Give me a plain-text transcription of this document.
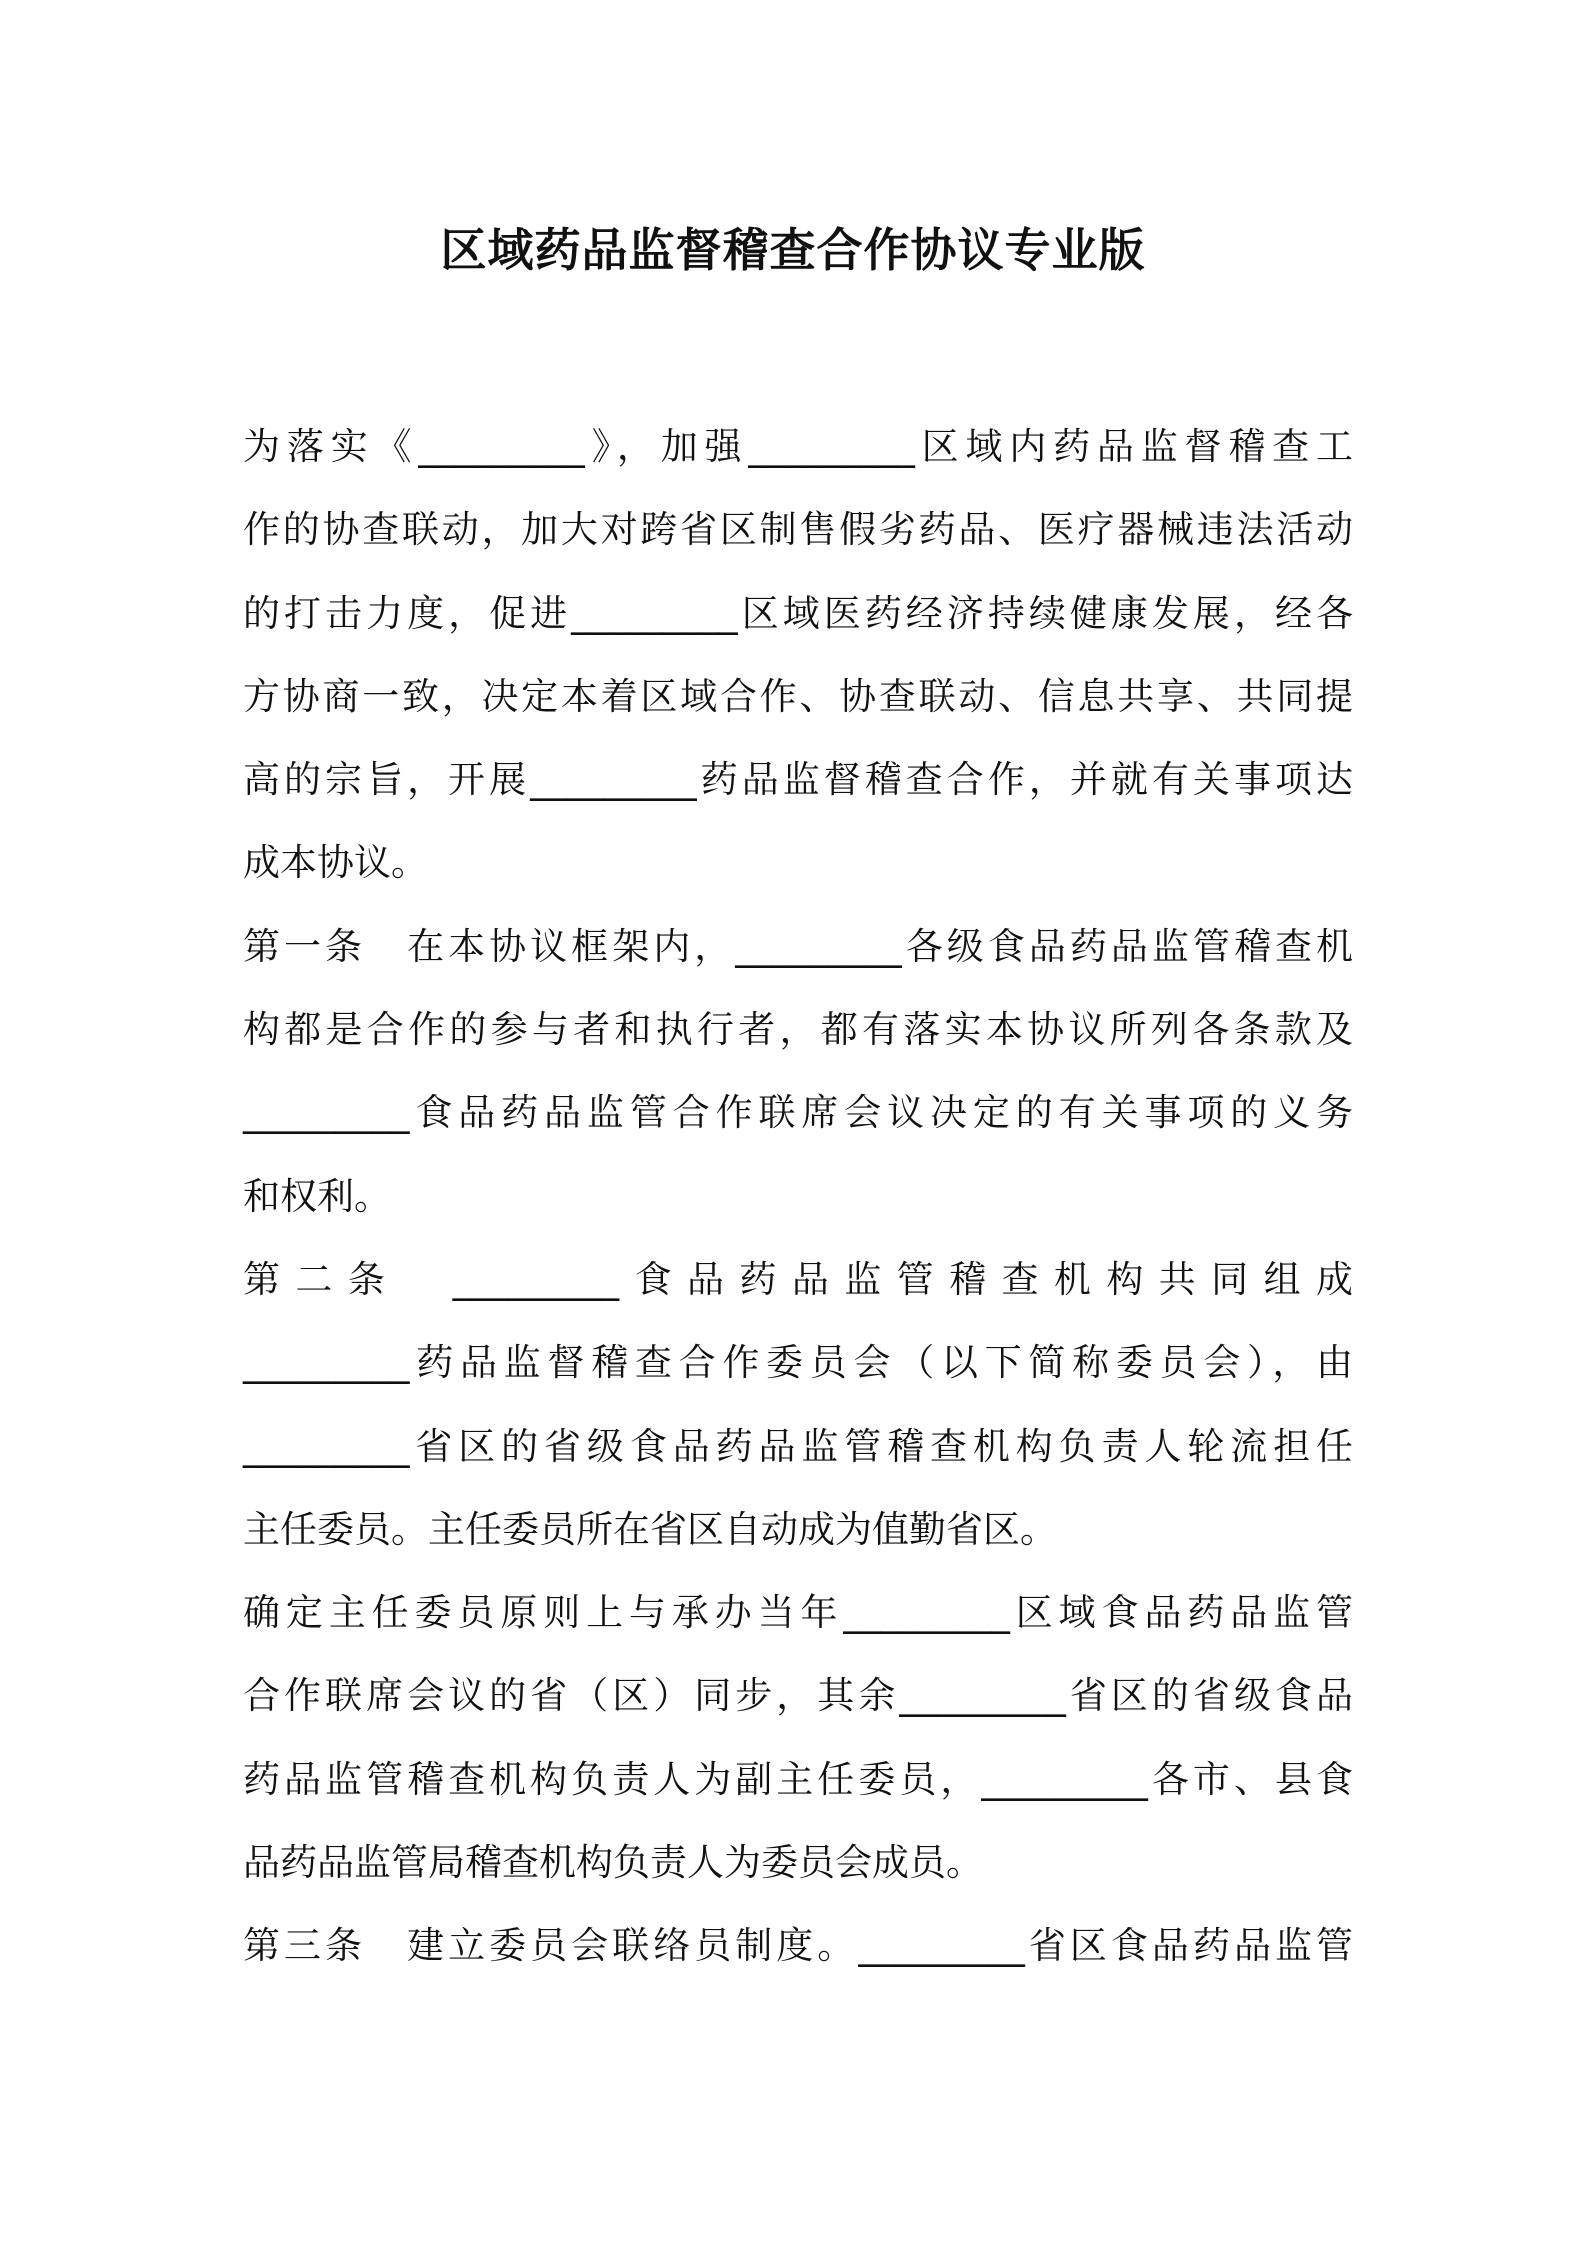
区域药品监督稽查合作协议专业版
为落实《_________》，加强_________区域内药品监督稽查工
作的协查联动，加大对跨省区制售假劣药品、医疗器械违法活动
的打击力度，促进_________区域医药经济持续健康发展，经各
方协商一致，决定本着区域合作、协查联动、信息共享、共同提
高的宗旨，开展_________药品监督稽查合作，并就有关事项达
成本协议。
第一条　在本协议框架内，_________各级食品药品监管稽查机
构都是合作的参与者和执行者，都有落实本协议所列各条款及
_________食品药品监管合作联席会议决定的有关事项的义务
和权利。
第二条　_________食品药品监管稽查机构共同组成
_________药品监督稽查合作委员会（以下简称委员会），由
_________省区的省级食品药品监管稽查机构负责人轮流担任
主任委员。主任委员所在省区自动成为值勤省区。
确定主任委员原则上与承办当年_________区域食品药品监管
合作联席会议的省（区）同步，其余_________省区的省级食品
药品监管稽查机构负责人为副主任委员，_________各市、县食
品药品监管局稽查机构负责人为委员会成员。
第三条　建立委员会联络员制度。_________省区食品药品监管
